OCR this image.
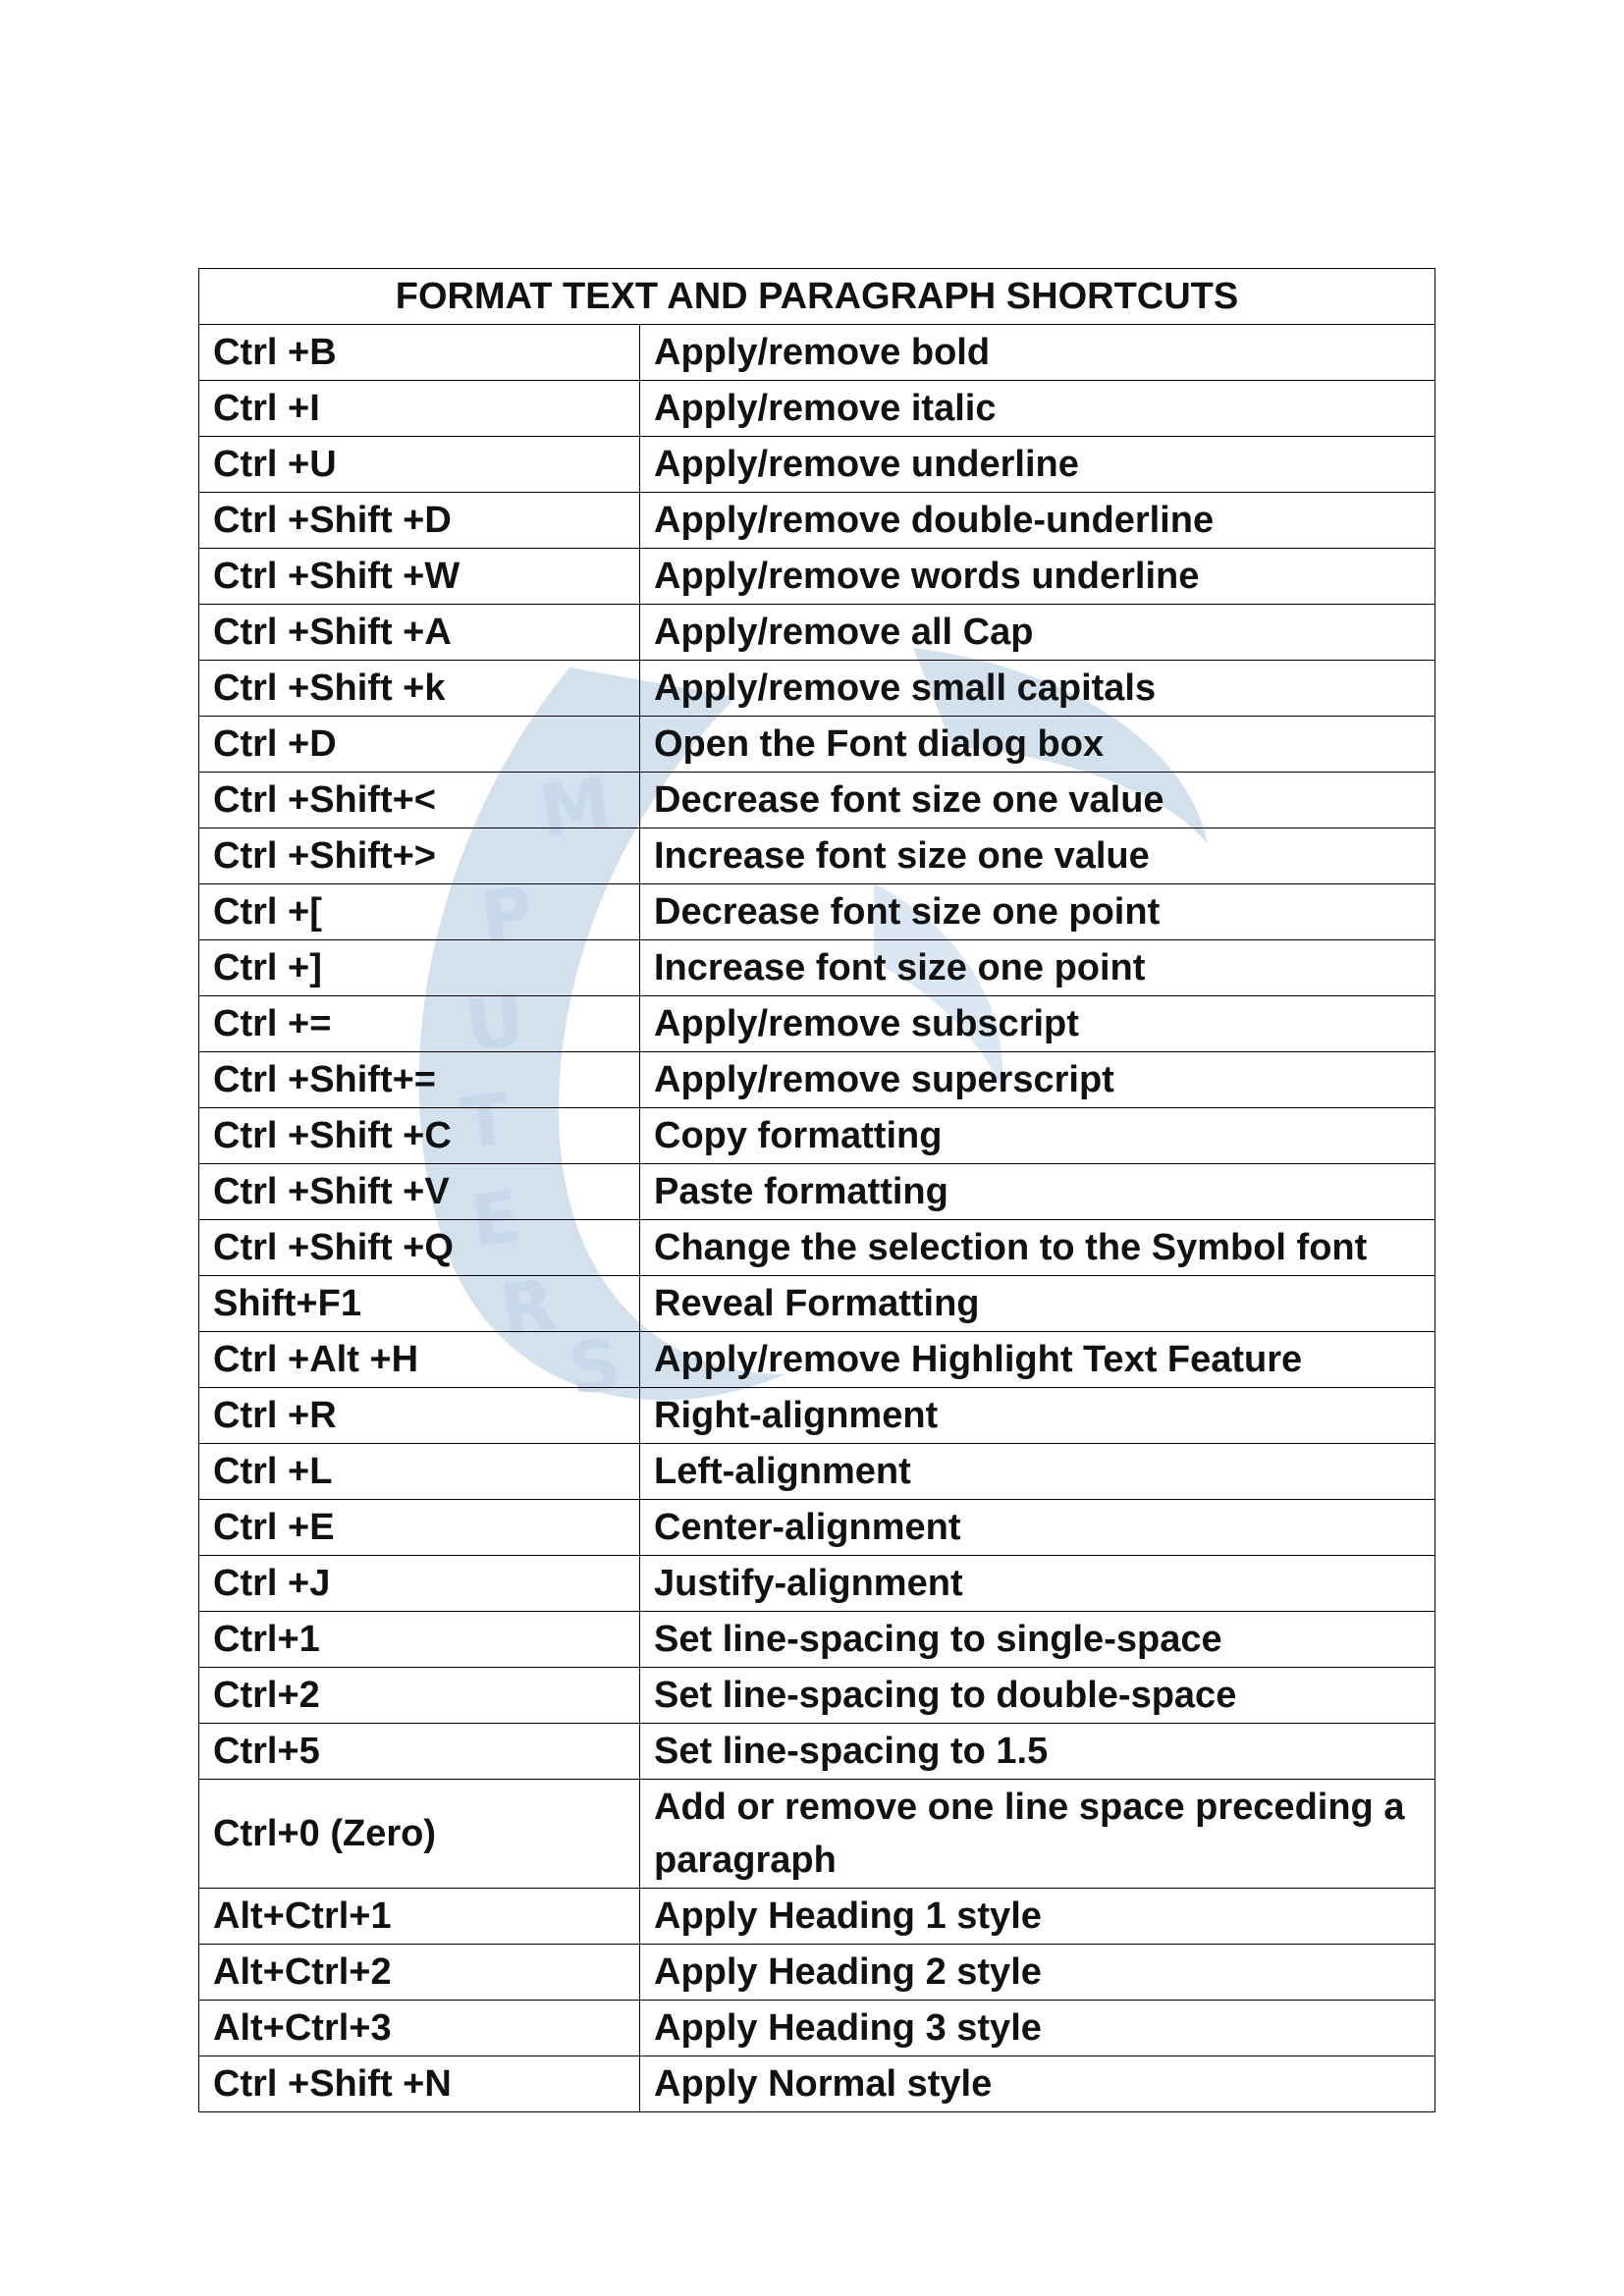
M
P
U
T
E
R
S
FORMAT TEXT AND PARAGRAPH SHORTCUTS	
Ctrl +B	Apply/remove bold
Ctrl +I	Apply/remove italic
Ctrl +U	Apply/remove underline
Ctrl +Shift +D	Apply/remove double-underline
Ctrl +Shift +W	Apply/remove words underline
Ctrl +Shift +A	Apply/remove all Cap
Ctrl +Shift +k	Apply/remove small capitals
Ctrl +D	Open the Font dialog box
Ctrl +Shift+<	Decrease font size one value
Ctrl +Shift+>	Increase font size one value
Ctrl +[	Decrease font size one point
Ctrl +]	Increase font size one point
Ctrl +=	Apply/remove subscript
Ctrl +Shift+=	Apply/remove superscript
Ctrl +Shift +C	Copy formatting
Ctrl +Shift +V	Paste formatting
Ctrl +Shift +Q	Change the selection to the Symbol font
Shift+F1	Reveal Formatting
Ctrl +Alt +H	Apply/remove Highlight Text Feature
Ctrl +R	Right-alignment
Ctrl +L	Left-alignment
Ctrl +E	Center-alignment
Ctrl +J	Justify-alignment
Ctrl+1	Set line-spacing to single-space
Ctrl+2	Set line-spacing to double-space
Ctrl+5	Set line-spacing to 1.5
Ctrl+0 (Zero)	Add or remove one line space preceding a paragraph
Alt+Ctrl+1	Apply Heading 1 style
Alt+Ctrl+2	Apply Heading 2 style
Alt+Ctrl+3	Apply Heading 3 style
Ctrl +Shift +N	Apply Normal style
